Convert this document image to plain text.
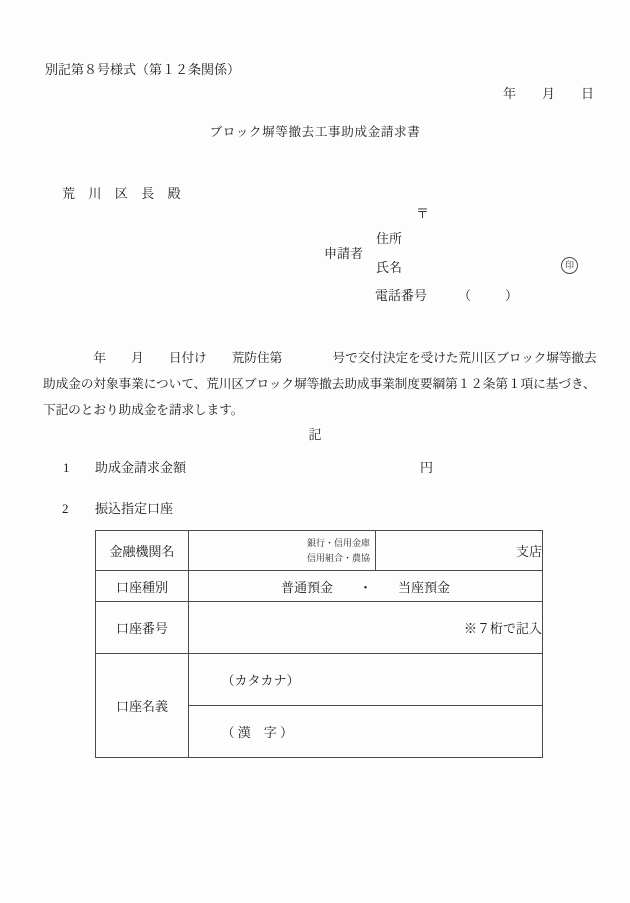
別記第８号様式（第１２条関係）
年　　月　　日
ブロック塀等撤去工事助成金請求書
荒　川　区　長　殿
〒
住所
申請者
氏名	印
電話番号 （	）
　　　　年　　月　　日付け　　荒防住第　　　　号で交付決定を受けた荒川区ブロック塀等撤去
助成金の対象事業について、荒川区ブロック塀等撤去助成事業制度要綱第１２条第１項に基づき、
下記のとおり助成金を請求します。
記
1 助成金請求金額	円
2 振込指定口座
金融機関名	銀行・信用金庫
信用組合・農協	支店
口座種別	普通預金　　・　　当座預金	
口座番号	※７桁で記入	

口座名義	（カタカナ）	

（ 漢　字 ）	
